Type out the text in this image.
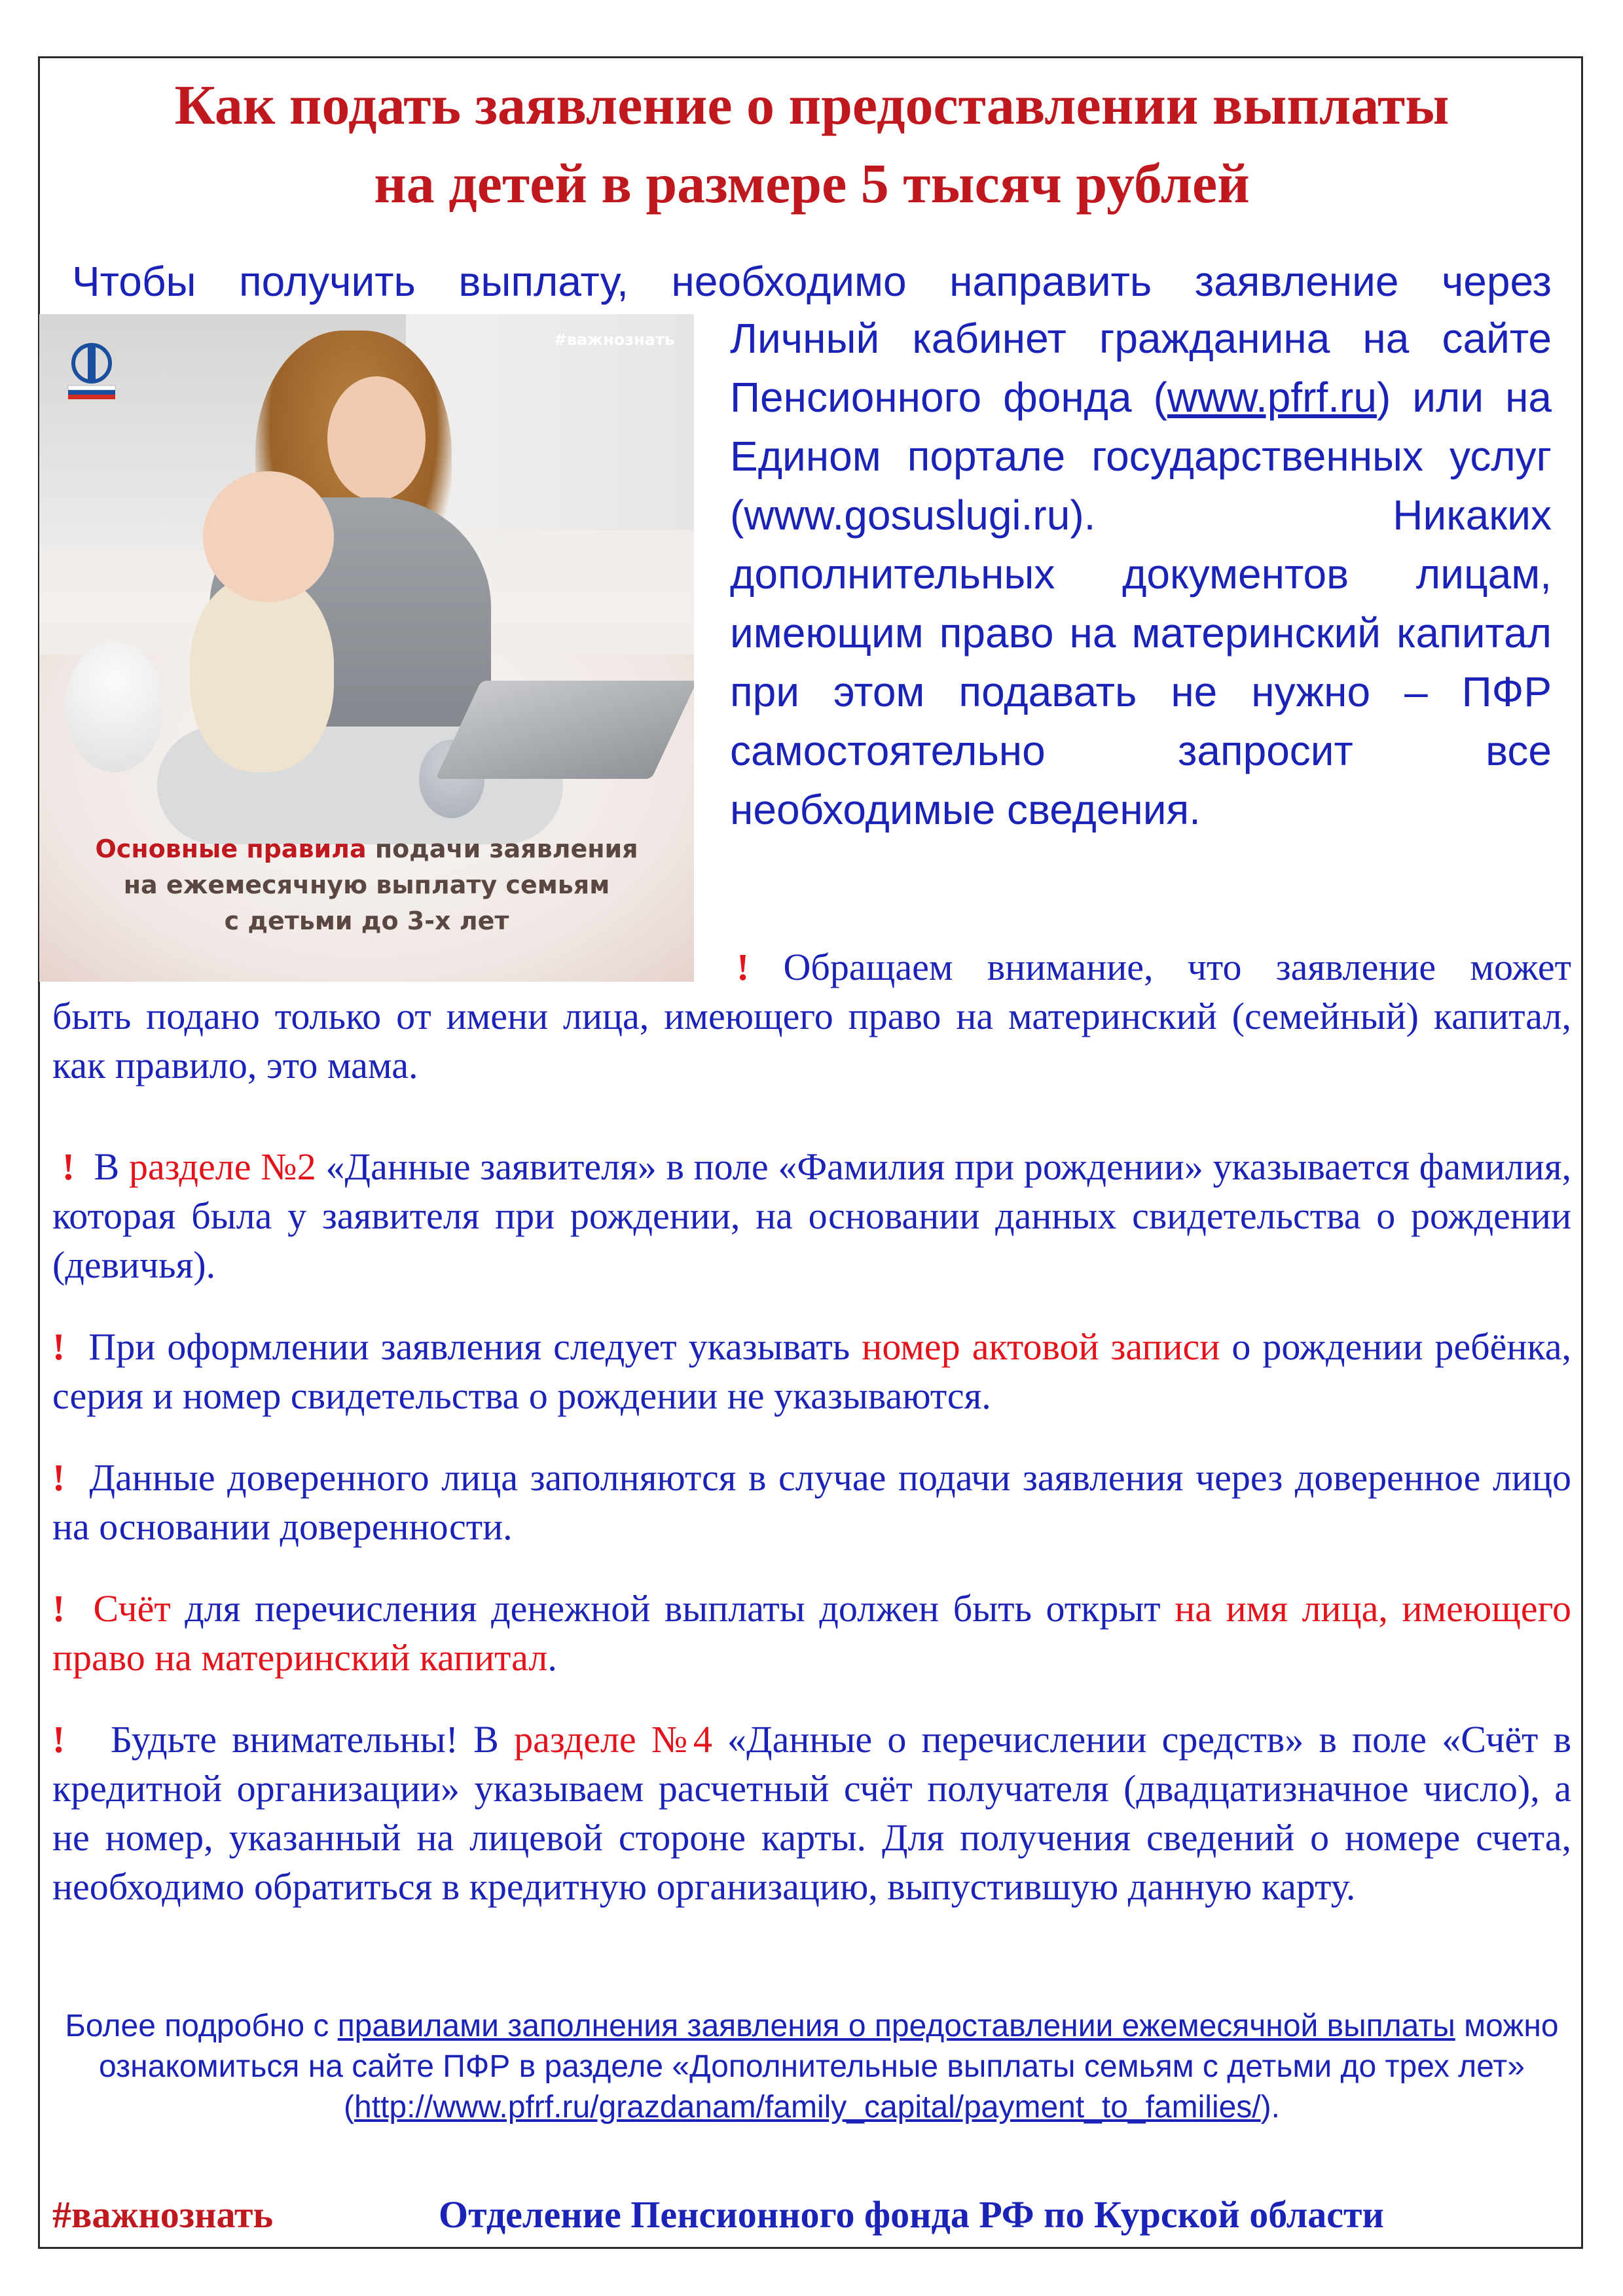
Как подать заявление о предоставлении выплаты
на детей в размере 5 тысяч рублей
Чтобы получить выплату, необходимо направить заявление через

Личный кабинет гражданина на сайте Пенсионного фонда (www.pfrf.ru) или на Едином портале государственных услуг (www.gosuslugi.ru). Никаких дополнительных документов лицам, имеющим право на материнский капитал при этом подавать не нужно – ПФР самостоятельно запросит все необходимые сведения.

#важнознать
Основные правила подачи заявления
на ежемесячную выплату семьям
с детьми до 3-х лет

! Обращаем внимание, что заявление может

быть подано только от имени лица, имеющего право на материнский (семейный) капитал, как правило, это мама.

! В разделе №2 «Данные заявителя» в поле «Фамилия при рождении» указывается фамилия, которая была у заявителя при рождении, на основании данных свидетельства о рождении (девичья).

! При оформлении заявления следует указывать номер актовой записи о рождении ребёнка, серия и номер свидетельства о рождении не указываются.

! Данные доверенного лица заполняются в случае подачи заявления через доверенное лицо на основании доверенности.

! Счёт для перечисления денежной выплаты должен быть открыт на имя лица, имеющего право на материнский капитал.

! Будьте внимательны! В разделе №4 «Данные о перечислении средств» в поле «Счёт в кредитной организации» указываем расчетный счёт получателя (двадцатизначное число), а не номер, указанный на лицевой стороне карты. Для получения сведений о номере счета, необходимо обратиться в кредитную организацию, выпустившую данную карту.

Более подробно с правилами заполнения заявления о предоставлении ежемесячной выплаты можно ознакомиться на сайте ПФР в разделе «Дополнительные выплаты семьям с детьми до трех лет» (http://www.pfrf.ru/grazdanam/family_capital/payment_to_families/).

#важнознать	Отделение Пенсионного фонда РФ по Курской области
